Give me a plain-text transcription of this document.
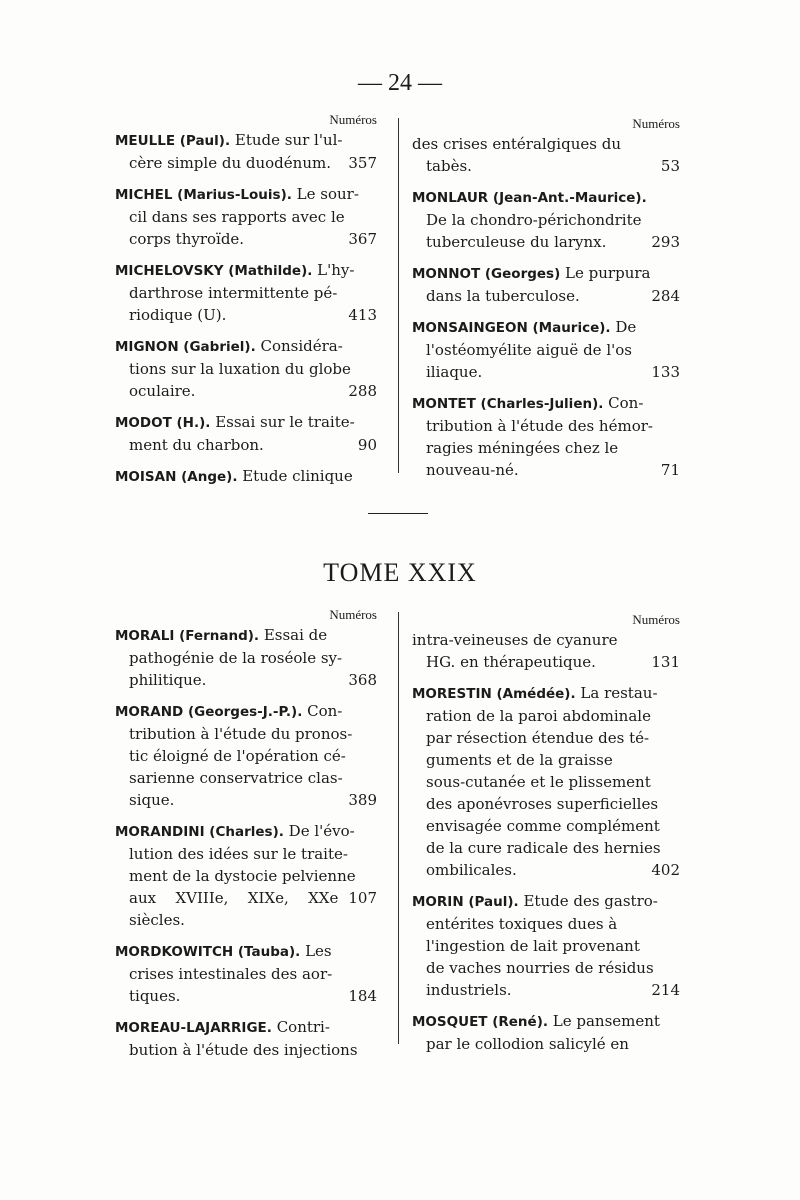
— 24 —
Numéros
MEULLE (Paul). Etude sur l'ul-
cère simple du duodénum. 357
MICHEL (Marius-Louis). Le sour-
cil dans ses rapports avec le
corps thyroïde.	367
MICHELOVSKY (Mathilde). L'hy-
darthrose intermittente pé-
riodique (U).	413
MIGNON (Gabriel). Considéra-
tions sur la luxation du globe
oculaire.	288
MODOT (H.). Essai sur le traite-
ment du charbon.	90
MOISAN (Ange). Etude clinique
Numéros
des crises entéralgiques du
tabès.	53
MONLAUR (Jean-Ant.-Maurice).
De la chondro-périchondrite
tuberculeuse du larynx.	293
MONNOT (Georges) Le purpura
dans la tuberculose.	284
MONSAINGEON (Maurice). De
l'ostéomyélite aiguë de l'os
iliaque.	133
MONTET (Charles-Julien). Con-
tribution à l'étude des hémor-
ragies méningées chez le
nouveau-né.	71
TOME XXIX
Numéros
MORALI (Fernand). Essai de
pathogénie de la roséole sy-
philitique.	368
MORAND (Georges-J.-P.). Con-
tribution à l'étude du pronos-
tic éloigné de l'opération cé-
sarienne conservatrice clas-
sique.	389
MORANDINI (Charles). De l'évo-
lution des idées sur le traite-
ment de la dystocie pelvienne
aux XVIIIe, XIXe, XXe siècles.
107
MORDKOWITCH (Tauba). Les
crises intestinales des aor-
tiques.	184
MOREAU-LAJARRIGE. Contri-
bution à l'étude des injections
Numéros
intra-veineuses de cyanure
HG. en thérapeutique.	131
MORESTIN (Amédée). La restau-
ration de la paroi abdominale
par résection étendue des té-
guments et de la graisse
sous-cutanée et le plissement
des aponévroses superficielles
envisagée comme complément
de la cure radicale des hernies
ombilicales.	402
MORIN (Paul). Etude des gastro-
entérites toxiques dues à
l'ingestion de lait provenant
de vaches nourries de résidus
industriels.	214
MOSQUET (René). Le pansement
par le collodion salicylé en
